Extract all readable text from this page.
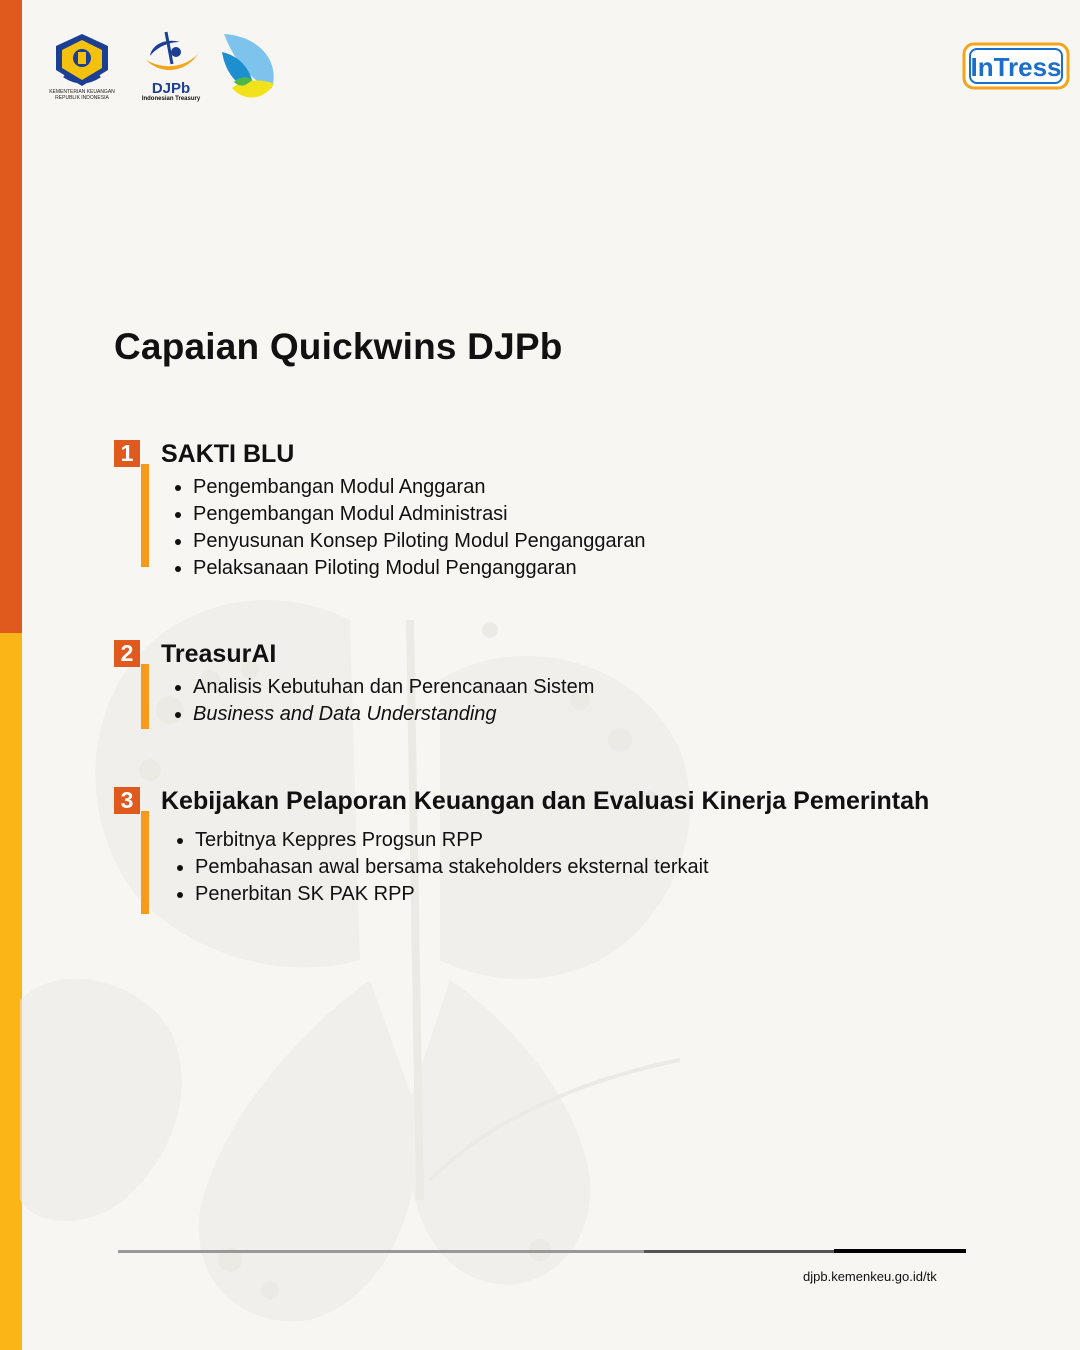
KEMENTERIAN KEUANGAN
REPUBLIK INDONESIA
DJPb
Indonesian Treasury
InTress
Capaian Quickwins DJPb
1 SAKTI BLU
• Pengembangan Modul Anggaran
• Pengembangan Modul Administrasi
• Penyusunan Konsep Piloting Modul Penganggaran
• Pelaksanaan Piloting Modul Penganggaran
2 TreasurAI
• Analisis Kebutuhan dan Perencanaan Sistem
• Business and Data Understanding
3 Kebijakan Pelaporan Keuangan dan Evaluasi Kinerja Pemerintah
• Terbitnya Keppres Progsun RPP
• Pembahasan awal bersama stakeholders eksternal terkait
• Penerbitan SK PAK RPP
djpb.kemenkeu.go.id/tk
